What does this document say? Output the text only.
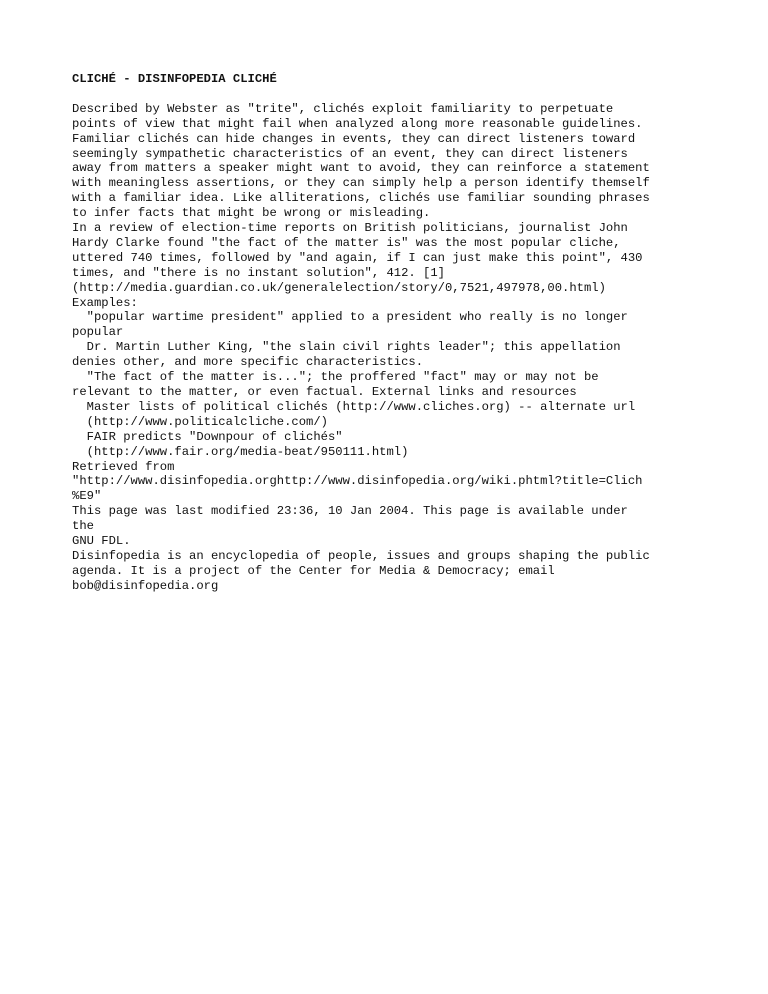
CLICHÉ - DISINFOPEDIA CLICHÉ
Described by Webster as "trite", clichés exploit familiarity to perpetuate
points of view that might fail when analyzed along more reasonable guidelines.
Familiar clichés can hide changes in events, they can direct listeners toward
seemingly sympathetic characteristics of an event, they can direct listeners
away from matters a speaker might want to avoid, they can reinforce a statement
with meaningless assertions, or they can simply help a person identify themself
with a familiar idea. Like alliterations, clichés use familiar sounding phrases
to infer facts that might be wrong or misleading.
In a review of election-time reports on British politicians, journalist John
Hardy Clarke found "the fact of the matter is" was the most popular cliche,
uttered 740 times, followed by "and again, if I can just make this point", 430
times, and "there is no instant solution", 412. [1]
(http://media.guardian.co.uk/generalelection/story/0,7521,497978,00.html)
Examples:
"popular wartime president" applied to a president who really is no longer
popular
Dr. Martin Luther King, "the slain civil rights leader"; this appellation
denies other, and more specific characteristics.
"The fact of the matter is..."; the proffered "fact" may or may not be
relevant to the matter, or even factual. External links and resources
Master lists of political clichés (http://www.cliches.org) -- alternate url
(http://www.politicalcliche.com/)
FAIR predicts "Downpour of clichés"
(http://www.fair.org/media-beat/950111.html)
Retrieved from
"http://www.disinfopedia.orghttp://www.disinfopedia.org/wiki.phtml?title=Clich
%E9"
This page was last modified 23:36, 10 Jan 2004. This page is available under
the
GNU FDL.
Disinfopedia is an encyclopedia of people, issues and groups shaping the public
agenda. It is a project of the Center for Media & Democracy; email
bob@disinfopedia.org
